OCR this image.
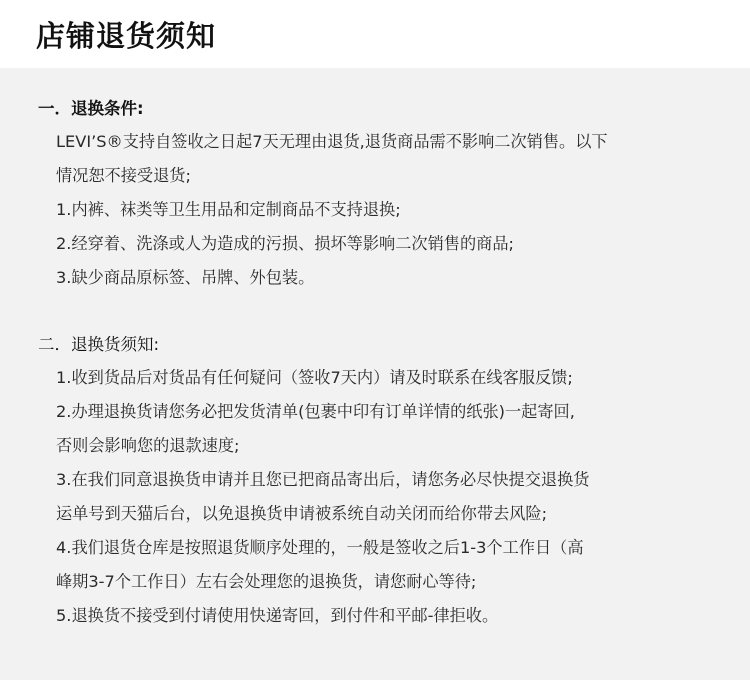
店铺退货须知
一．退换条件:
LEVI’S®支持自签收之日起7天无理由退货,退货商品需不影响二次销售。以下
情况恕不接受退货;
1.内裤、袜类等卫生用品和定制商品不支持退换;
2.经穿着、洗涤或人为造成的污损、损坏等影响二次销售的商品;
3.缺少商品原标签、吊牌、外包装。
二．退换货须知:
1.收到货品后对货品有任何疑问（签收7天内）请及时联系在线客服反馈;
2.办理退换货请您务必把发货清单(包裹中印有订单详情的纸张)一起寄回,
否则会影响您的退款速度;
3.在我们同意退换货申请并且您已把商品寄出后，请您务必尽快提交退换货
运单号到天猫后台，以免退换货申请被系统自动关闭而给你带去风险;
4.我们退货仓库是按照退货顺序处理的，一般是签收之后1-3个工作日（高
峰期3-7个工作日）左右会处理您的退换货，请您耐心等待;
5.退换货不接受到付请使用快递寄回，到付件和平邮-律拒收。
